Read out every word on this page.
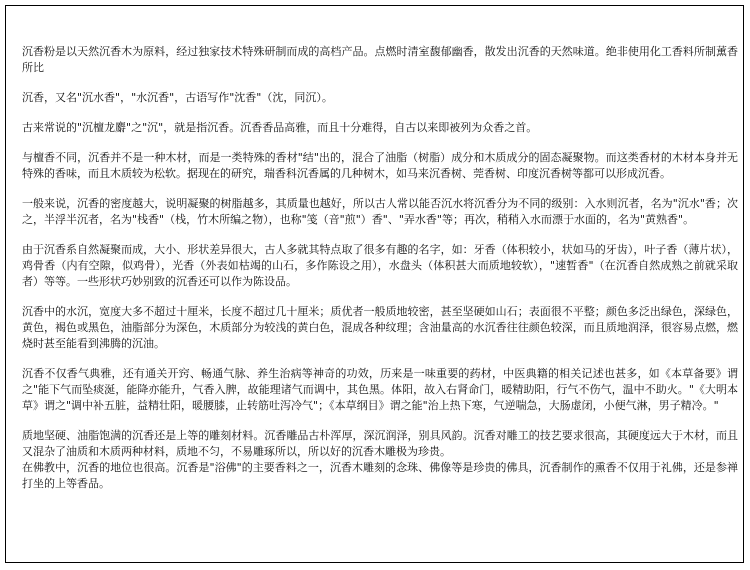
沉香粉是以天然沉香木为原料，经过独家技术特殊研制而成的高档产品。点燃时清室馥郁幽香，散发出沉香的天然味道。绝非使用化工香料所制薰香所比

沉香，又名"沉水香"，"水沉香"，古语写作"沈香"（沈，同沉）。

古来常说的"沉檀龙麝"之"沉"，就是指沉香。沉香香品高雅，而且十分难得，自古以来即被列为众香之首。

与檀香不同，沉香并不是一种木材，而是一类特殊的香材"结"出的，混合了油脂（树脂）成分和木质成分的固态凝聚物。而这类香材的木材本身并无特殊的香味，而且木质较为松软。据现在的研究，瑞香科沉香属的几种树木，如马来沉香树、莞香树、印度沉香树等都可以形成沉香。

一般来说，沉香的密度越大，说明凝聚的树脂越多，其质量也越好，所以古人常以能否沉水将沉香分为不同的级别：入水则沉者，名为"沉水"香；次之，半浮半沉者，名为"栈香"（栈，竹木所编之物），也称"笺（音"煎"）香"、"弄水香"等；再次，稍稍入水而漂于水面的，名为"黄熟香"。

由于沉香系自然凝聚而成，大小、形状差异很大，古人多就其特点取了很多有趣的名字，如：牙香（体积较小，状如马的牙齿），叶子香（薄片状），鸡骨香（内有空隙，似鸡骨），光香（外表如枯竭的山石，多作陈设之用），水盘头（体积甚大而质地较软），"速暂香"（在沉香自然成熟之前就采取者）等等。一些形状巧妙别致的沉香还可以作为陈设品。

沉香中的水沉，宽度大多不超过十厘米，长度不超过几十厘米；质优者一般质地较密，甚至坚硬如山石；表面很不平整；颜色多泛出绿色，深绿色，黄色，褐色或黑色，油脂部分为深色，木质部分为较浅的黄白色，混成各种纹理；含油量高的水沉香往往颜色较深，而且质地润泽，很容易点燃，燃烧时甚至能看到沸腾的沉油。

沉香不仅香气典雅，还有通关开窍、畅通气脉、养生治病等神奇的功效，历来是一味重要的药材，中医典籍的相关记述也甚多，如《本草备要》谓之"能下气而坠痰涎，能降亦能升，气香入脾，故能理诸气而调中，其色黑。体阳，故入右肾命门，暖精助阳，行气不伤气，温中不助火。"《大明本草》谓之"调中补五脏，益精壮阳，暖腰膝，止转筋吐泻冷气"；《本草纲目》谓之能"治上热下寒，气逆喘急，大肠虚闭，小便气淋，男子精冷。"

质地坚硬、油脂饱满的沉香还是上等的雕刻材料。沉香雕品古朴浑厚，深沉润泽，别具风韵。沉香对雕工的技艺要求很高，其硬度远大于木材，而且又混杂了油质和木质两种材料，质地不匀，不易雕琢所以，所以好的沉香木雕极为珍贵。

在佛教中，沉香的地位也很高。沉香是"浴佛"的主要香料之一，沉香木雕刻的念珠、佛像等是珍贵的佛具，沉香制作的熏香不仅用于礼佛，还是参禅打坐的上等香品。
